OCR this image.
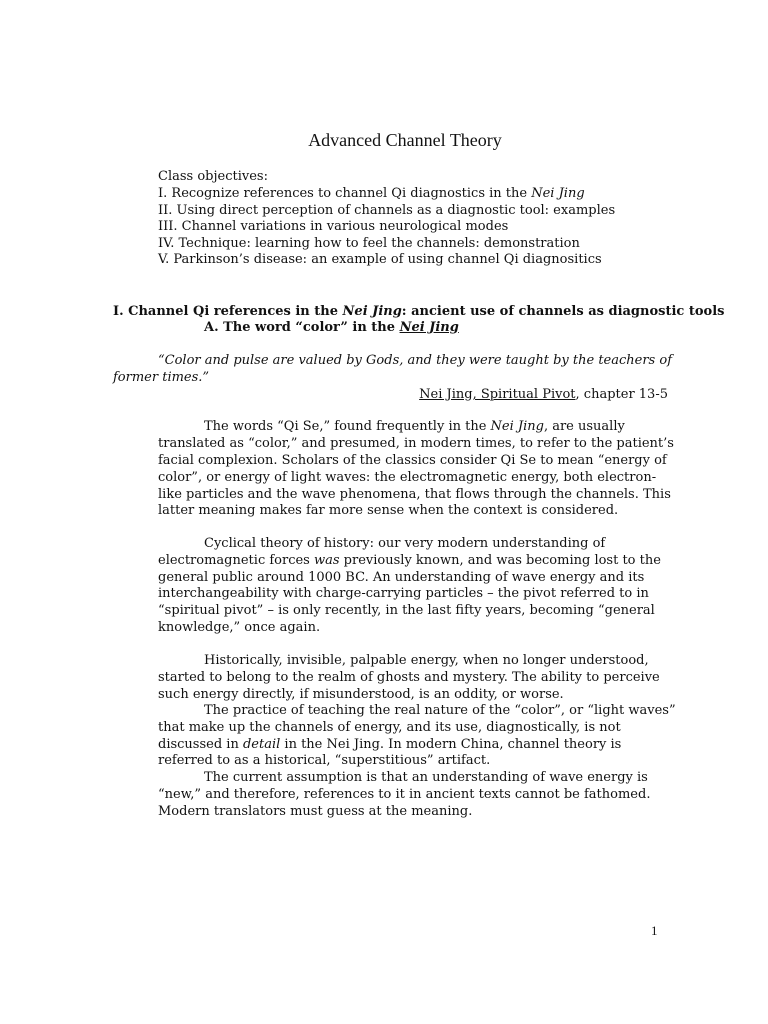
Advanced Channel Theory
Class objectives:
I. Recognize references to channel Qi diagnostics in the Nei Jing
II. Using direct perception of channels as a diagnostic tool: examples
III. Channel variations in various neurological modes
IV. Technique: learning how to feel the channels: demonstration
V. Parkinson’s disease: an example of using channel Qi diagnositics
I. Channel Qi references in the Nei Jing: ancient use of channels as diagnostic tools
A. The word “color” in the Nei Jing
“Color and pulse are valued by Gods, and they were taught by the teachers of
former times.”
Nei Jing, Spiritual Pivot, chapter 13-5
The words “Qi Se,” found frequently in the Nei Jing, are usually
translated as “color,” and presumed, in modern times, to refer to the patient’s
facial complexion. Scholars of the classics consider Qi Se to mean “energy of
color”, or energy of light waves: the electromagnetic energy, both electron-
like particles and the wave phenomena, that flows through the channels. This
latter meaning makes far more sense when the context is considered.
Cyclical theory of history: our very modern understanding of
electromagnetic forces was previously known, and was becoming lost to the
general public around 1000 BC. An understanding of wave energy and its
interchangeability with charge-carrying particles – the pivot referred to in
“spiritual pivot” – is only recently, in the last fifty years, becoming “general
knowledge,” once again.
Historically, invisible, palpable energy, when no longer understood,
started to belong to the realm of ghosts and mystery. The ability to perceive
such energy directly, if misunderstood, is an oddity, or worse.
The practice of teaching the real nature of the “color”, or “light waves”
that make up the channels of energy, and its use, diagnostically, is not
discussed in detail in the Nei Jing. In modern China, channel theory is
referred to as a historical, “superstitious” artifact.
The current assumption is that an understanding of wave energy is
“new,” and therefore, references to it in ancient texts cannot be fathomed.
Modern translators must guess at the meaning.
1
